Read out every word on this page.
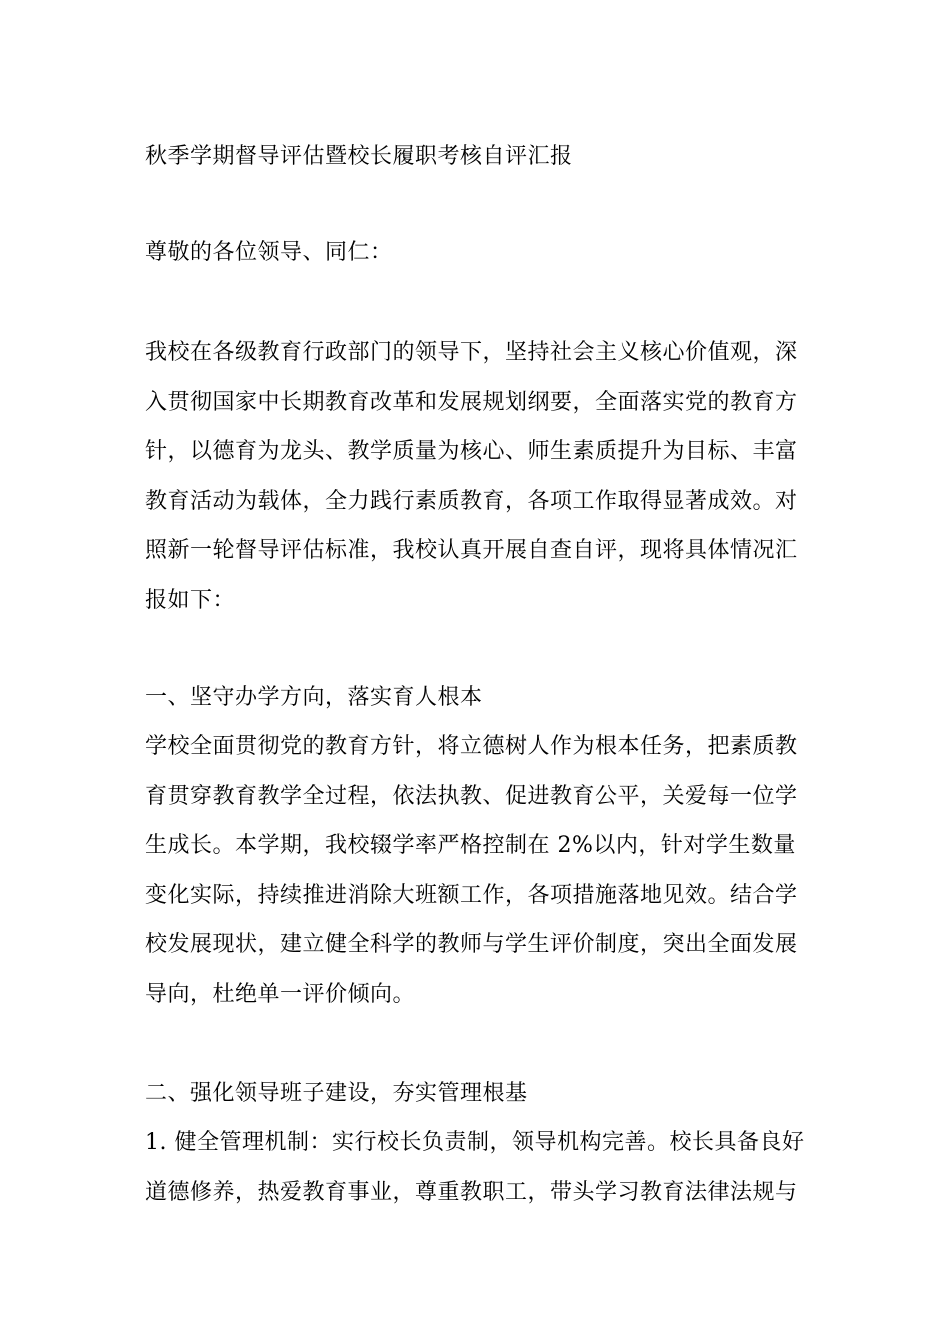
秋季学期督导评估暨校长履职考核自评汇报

尊敬的各位领导、同仁：

我校在各级教育行政部门的领导下，坚持社会主义核心价值观，深入贯彻国家中长期教育改革和发展规划纲要，全面落实党的教育方针，以德育为龙头、教学质量为核心、师生素质提升为目标、丰富教育活动为载体，全力践行素质教育，各项工作取得显著成效。对照新一轮督导评估标准，我校认真开展自查自评，现将具体情况汇报如下：

一、坚守办学方向，落实育人根本

学校全面贯彻党的教育方针，将立德树人作为根本任务，把素质教育贯穿教育教学全过程，依法执教、促进教育公平，关爱每一位学生成长。本学期，我校辍学率严格控制在 2%以内，针对学生数量变化实际，持续推进消除大班额工作，各项措施落地见效。结合学校发展现状，建立健全科学的教师与学生评价制度，突出全面发展导向，杜绝单一评价倾向。

二、强化领导班子建设，夯实管理根基

1. 健全管理机制：实行校长负责制，领导机构完善。校长具备良好道德修养，热爱教育事业，尊重教职工，带头学习教育法律法规与
